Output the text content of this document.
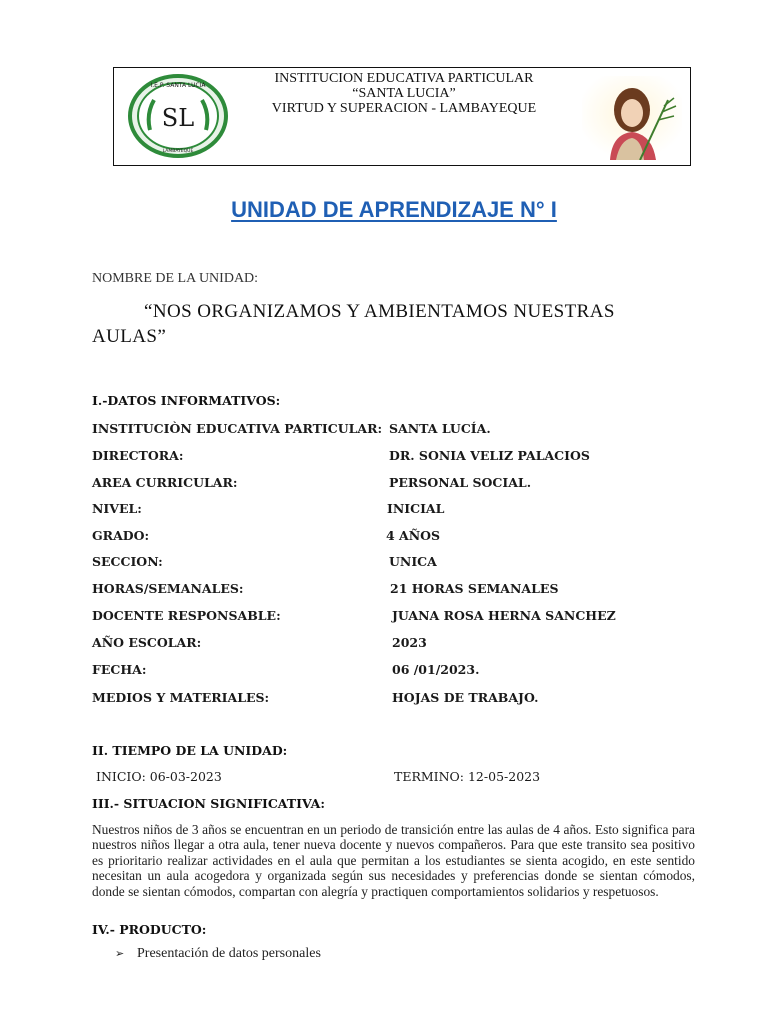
SL
I.E.P. SANTA LUCIA
LAMBAYEQUE
INSTITUCION EDUCATIVA PARTICULAR
“SANTA LUCIA”
VIRTUD Y SUPERACION - LAMBAYEQUE
UNIDAD DE APRENDIZAJE N° I
NOMBRE DE LA UNIDAD:
“NOS ORGANIZAMOS Y AMBIENTAMOS NUESTRAS AULAS”
I.-DATOS INFORMATIVOS:
INSTITUCIÒN EDUCATIVA PARTICULAR: SANTA LUCÍA.
DIRECTORA:	DR. SONIA VELIZ PALACIOS
AREA CURRICULAR:	PERSONAL SOCIAL.
NIVEL:	INICIAL
GRADO:	4 AÑOS
SECCION:	UNICA
HORAS/SEMANALES:	21 HORAS SEMANALES
DOCENTE RESPONSABLE:	JUANA ROSA HERNA SANCHEZ
AÑO ESCOLAR:	2023
FECHA:	06 /01/2023.
MEDIOS Y MATERIALES:	HOJAS DE TRABAJO.
II. TIEMPO DE LA UNIDAD:
INICIO: 06-03-2023	TERMINO: 12-05-2023
III.- SITUACION SIGNIFICATIVA:
Nuestros niños de 3 años se encuentran en un periodo de transición entre las aulas de 4 años. Esto significa para nuestros niños llegar a otra aula, tener nueva docente y nuevos compañeros. Para que este transito sea positivo es prioritario realizar actividades en el aula que permitan a los estudiantes se sienta acogido, en este sentido necesitan un aula acogedora y organizada según sus necesidades y preferencias donde se sientan cómodos, donde se sientan cómodos, compartan con alegría y practiquen comportamientos solidarios y respetuosos.
IV.- PRODUCTO:
➢ Presentación de datos personales
